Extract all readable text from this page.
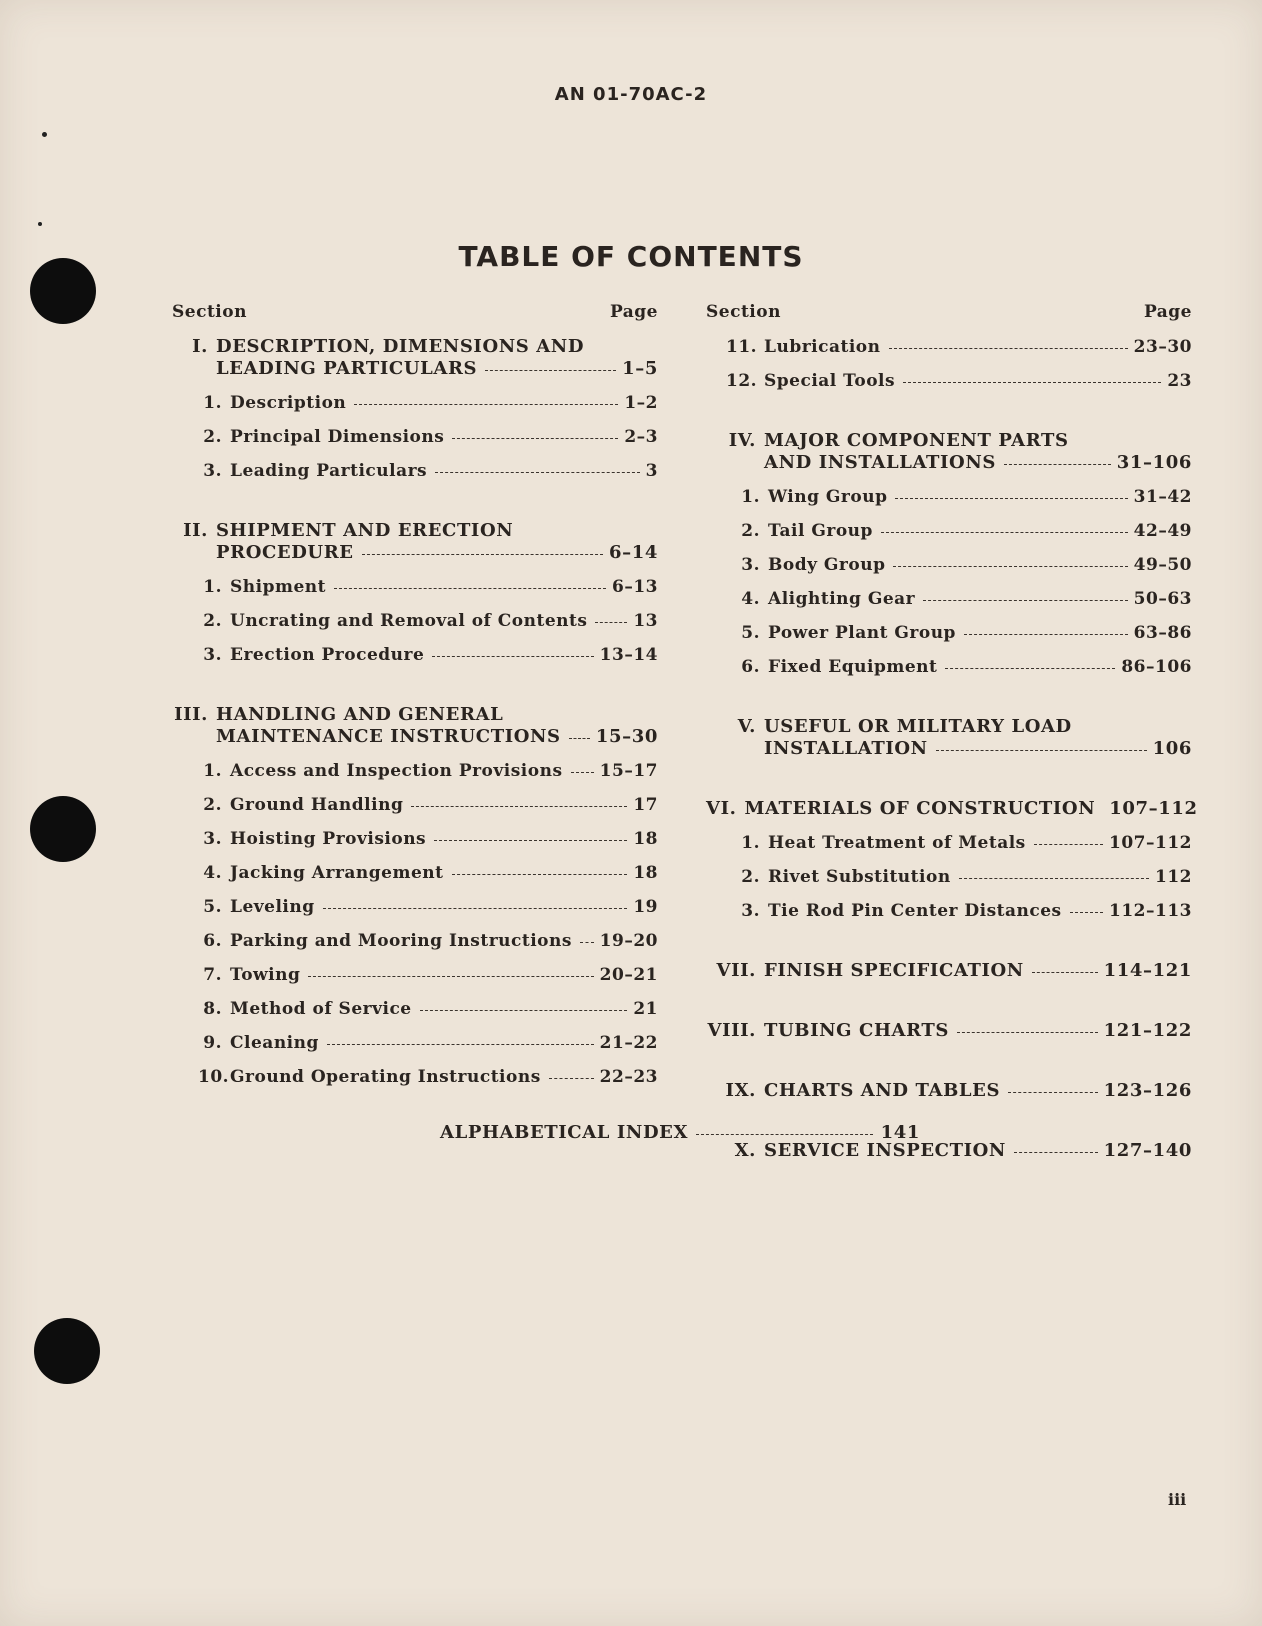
AN 01-70AC-2
TABLE OF CONTENTS
Section	Page
I. DESCRIPTION, DIMENSIONS AND
LEADING PARTICULARS	1–5
1. Description	1–2
2. Principal Dimensions	2–3
3. Leading Particulars	3
II. SHIPMENT AND ERECTION
PROCEDURE	6–14
1. Shipment	6–13
2. Uncrating and Removal of Contents	13
3. Erection Procedure	13–14
III. HANDLING AND GENERAL
MAINTENANCE INSTRUCTIONS 15–30
1. Access and Inspection Provisions 15–17
2. Ground Handling	17
3. Hoisting Provisions	18
4. Jacking Arrangement	18
5. Leveling	19
6. Parking and Mooring Instructions 19–20
7. Towing	20–21
8. Method of Service	21
9. Cleaning	21–22
10. Ground Operating Instructions	22–23
Section	Page
11. Lubrication	23–30
12. Special Tools	23
IV. MAJOR COMPONENT PARTS
AND INSTALLATIONS	31–106
1. Wing Group	31–42
2. Tail Group	42–49
3. Body Group	49–50
4. Alighting Gear	50–63
5. Power Plant Group	63–86
6. Fixed Equipment	86–106
V. USEFUL OR MILITARY LOAD
INSTALLATION	106
VI. MATERIALS OF CONSTRUCTION 107–112
1. Heat Treatment of Metals	107–112
2. Rivet Substitution	112
3. Tie Rod Pin Center Distances	112–113
VII. FINISH SPECIFICATION	114–121
VIII. TUBING CHARTS	121–122
IX. CHARTS AND TABLES	123–126
X. SERVICE INSPECTION	127–140
ALPHABETICAL INDEX	141
iii
